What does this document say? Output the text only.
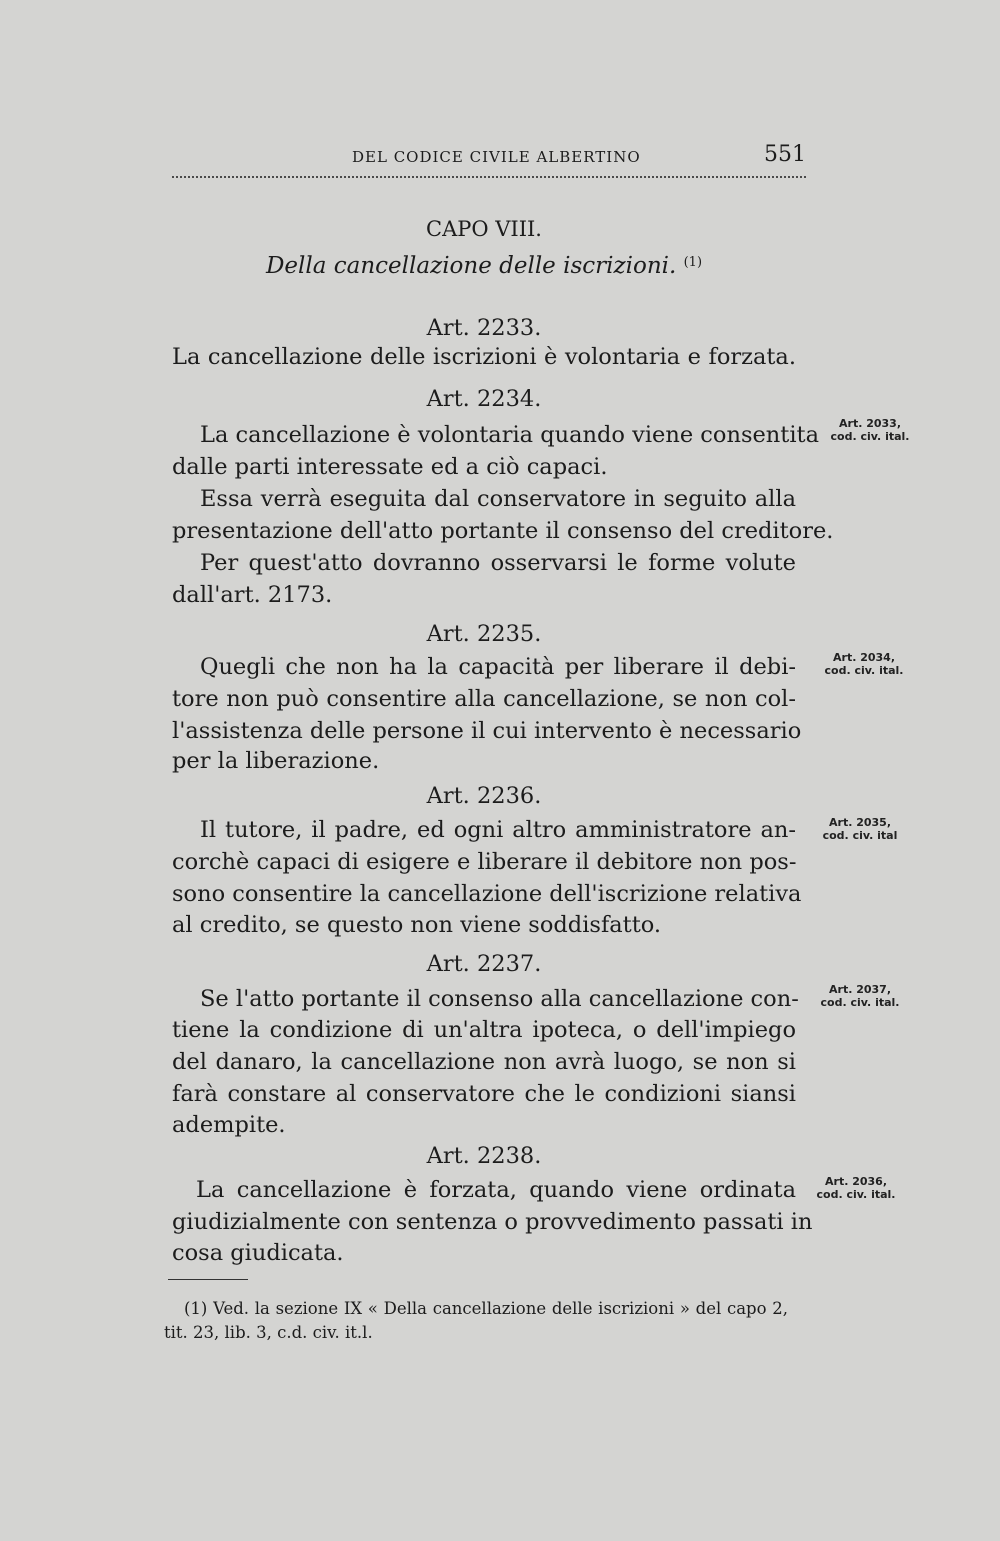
DEL CODICE CIVILE ALBERTINO	551
CAPO VIII.
Della cancellazione delle iscrizioni. $^{(1)}$
Art. 2233.
La cancellazione delle iscrizioni è volontaria e forzata.
Art. 2234.
La cancellazione è volontaria quando viene consentita
dalle parti interessate ed a ciò capaci.
Essa verrà eseguita dal conservatore in seguito alla
presentazione dell'atto portante il consenso del creditore.
Per quest'atto dovranno osservarsi le forme volute
dall'art. 2173.
Art. 2033,
cod. civ. ital.
Art. 2235.
Quegli che non ha la capacità per liberare il debi-
tore non può consentire alla cancellazione, se non col-
l'assistenza delle persone il cui intervento è necessario
per la liberazione.
Art. 2034,
cod. civ. ital.
Art. 2236.
Il tutore, il padre, ed ogni altro amministratore an-
corchè capaci di esigere e liberare il debitore non pos-
sono consentire la cancellazione dell'iscrizione relativa
al credito, se questo non viene soddisfatto.
Art. 2035,
cod. civ. ital
Art. 2237.
Se l'atto portante il consenso alla cancellazione con-
tiene la condizione di un'altra ipoteca, o dell'impiego
del danaro, la cancellazione non avrà luogo, se non si
farà constare al conservatore che le condizioni siansi
adempite.
Art. 2037,
cod. civ. ital.
Art. 2238.
La cancellazione è forzata, quando viene ordinata
giudizialmente con sentenza o provvedimento passati in
cosa giudicata.
Art. 2036,
cod. civ. ital.
(1) Ved. la sezione IX « Della cancellazione delle iscrizioni » del capo 2,
tit. 23, lib. 3, c.d. civ. it.l.
